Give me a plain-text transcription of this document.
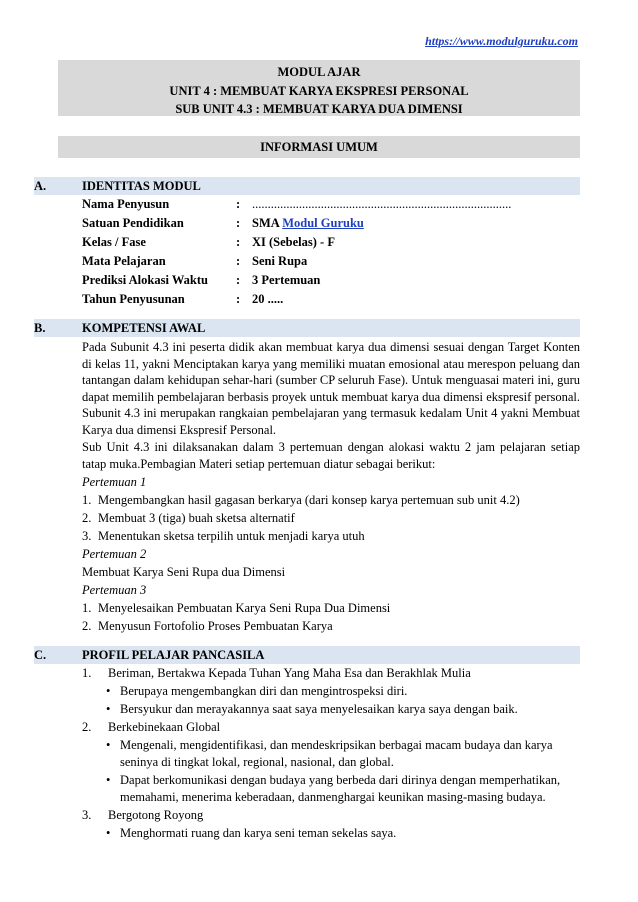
https://www.modulguruku.com
MODUL AJAR
UNIT 4 : MEMBUAT KARYA EKSPRESI PERSONAL
SUB UNIT 4.3 : MEMBUAT KARYA DUA DIMENSI
INFORMASI UMUM
A.	IDENTITAS MODUL
Nama Penyusun	: ...................................................................................
Satuan Pendidikan	: SMA Modul Guruku
Kelas / Fase	: XI (Sebelas) - F
Mata Pelajaran	: Seni Rupa
Prediksi Alokasi Waktu	: 3 Pertemuan
Tahun Penyusunan	: 20 .....
B.	KOMPETENSI AWAL
Pada Subunit 4.3 ini peserta didik akan membuat karya dua dimensi sesuai dengan Target Konten di kelas 11, yakni Menciptakan karya yang memiliki muatan emosional atau merespon peluang dan tantangan dalam kehidupan sehar-hari (sumber CP seluruh Fase). Untuk menguasai materi ini, guru dapat memilih pembelajaran berbasis proyek untuk membuat karya dua dimensi ekspresif personal. Subunit 4.3 ini merupakan rangkaian pembelajaran yang termasuk kedalam Unit 4 yakni Membuat Karya dua dimensi Ekspresif Personal.
Sub Unit 4.3 ini dilaksanakan dalam 3 pertemuan dengan alokasi waktu 2 jam pelajaran setiap tatap muka.Pembagian Materi setiap pertemuan diatur sebagai berikut:
Pertemuan 1
1. Mengembangkan hasil gagasan berkarya (dari konsep karya pertemuan sub unit 4.2)
2. Membuat 3 (tiga) buah sketsa alternatif
3. Menentukan sketsa terpilih untuk menjadi karya utuh
Pertemuan 2
Membuat Karya Seni Rupa dua Dimensi
Pertemuan 3
1. Menyelesaikan Pembuatan Karya Seni Rupa Dua Dimensi
2. Menyusun Fortofolio Proses Pembuatan Karya
C.	PROFIL PELAJAR PANCASILA
1. Beriman, Bertakwa Kepada Tuhan Yang Maha Esa dan Berakhlak Mulia
• Berupaya mengembangkan diri dan mengintrospeksi diri.
• Bersyukur dan merayakannya saat saya menyelesaikan karya saya dengan baik.
2. Berkebinekaan Global
• Mengenali, mengidentifikasi, dan mendeskripsikan berbagai macam budaya dan karya
seninya di tingkat lokal, regional, nasional, dan global.
• Dapat berkomunikasi dengan budaya yang berbeda dari dirinya dengan memperhatikan,
memahami, menerima keberadaan, danmenghargai keunikan masing-masing budaya.
3. Bergotong Royong
• Menghormati ruang dan karya seni teman sekelas saya.
